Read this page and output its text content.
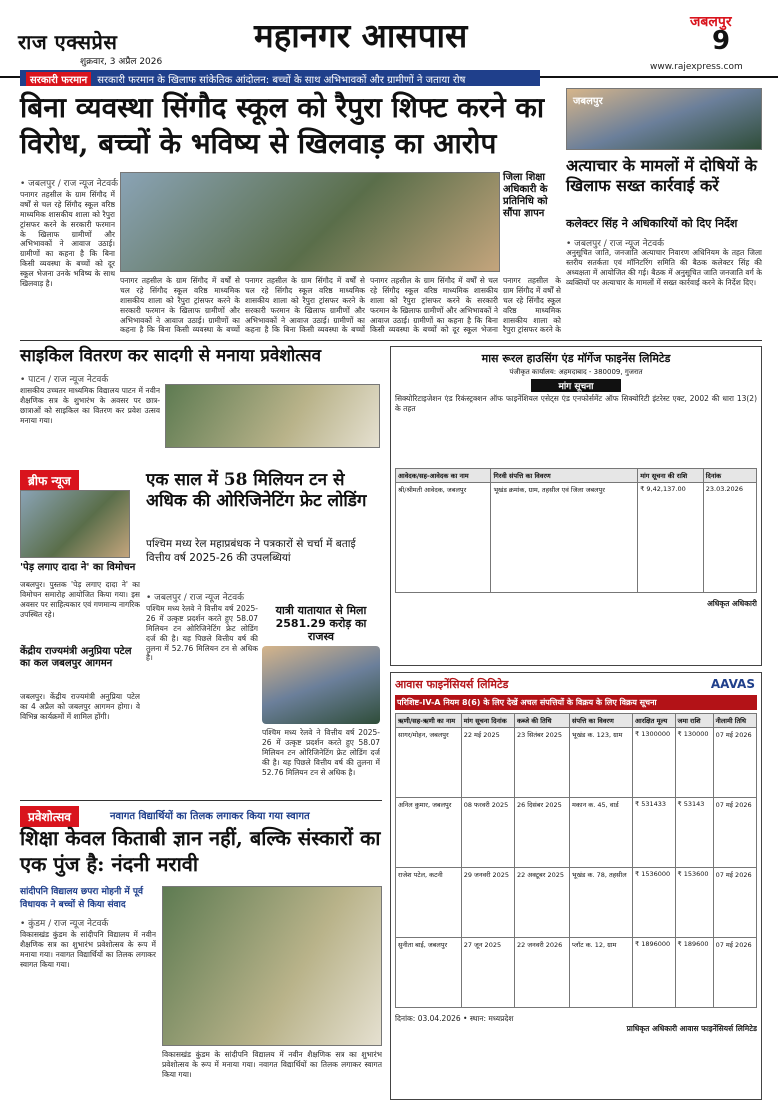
राज एक्सप्रेस
शुक्रवार, 3 अप्रैल 2026
महानगर आसपास	जबलपुर
9
www.rajexpress.com
सरकारी फरमान सरकारी फरमान के खिलाफ सांकेतिक आंदोलन: बच्चों के साथ अभिभावकों और ग्रामीणों ने जताया रोष
बिना व्यवस्था सिंगौद स्कूल को रैपुरा शिफ्ट करने का विरोध, बच्चों के भविष्य से खिलवाड़ का आरोप
• जबलपुर / राज न्यूज नेटवर्क
पनागर तहसील के ग्राम सिंगौद में वर्षों से चल रहे सिंगौद स्कूल वरिष्ठ माध्यमिक शासकीय शाला को रैपुरा ट्रांसफर करने के सरकारी फरमान के खिलाफ ग्रामीणों और अभिभावकों ने आवाज उठाई। ग्रामीणों का कहना है कि बिना किसी व्यवस्था के बच्चों को दूर स्कूल भेजना उनके भविष्य के साथ खिलवाड़ है।
जिला शिक्षा अधिकारी के प्रतिनिधि को सौंपा ज्ञापन
पनागर तहसील के ग्राम सिंगौद में वर्षों से चल रहे सिंगौद स्कूल वरिष्ठ माध्यमिक शासकीय शाला को रैपुरा ट्रांसफर करने के सरकारी फरमान के खिलाफ ग्रामीणों और अभिभावकों ने आवाज उठाई। ग्रामीणों का कहना है कि बिना किसी व्यवस्था के बच्चों
पनागर तहसील के ग्राम सिंगौद में वर्षों से चल रहे सिंगौद स्कूल वरिष्ठ माध्यमिक शासकीय शाला को रैपुरा ट्रांसफर करने के सरकारी फरमान के खिलाफ ग्रामीणों और अभिभावकों ने आवाज उठाई। ग्रामीणों का कहना है कि बिना किसी व्यवस्था के बच्चों
पनागर तहसील के ग्राम सिंगौद में वर्षों से चल रहे सिंगौद स्कूल वरिष्ठ माध्यमिक शासकीय शाला को रैपुरा ट्रांसफर करने के सरकारी फरमान के खिलाफ ग्रामीणों और अभिभावकों ने आवाज उठाई। ग्रामीणों का कहना है कि बिना किसी व्यवस्था के बच्चों को दूर स्कूल भेजना
पनागर तहसील के ग्राम सिंगौद में वर्षों से चल रहे सिंगौद स्कूल वरिष्ठ माध्यमिक शासकीय शाला को रैपुरा ट्रांसफर करने के
जबलपुर
अत्याचार के मामलों में दोषियों के खिलाफ सख्त कार्रवाई करें
कलेक्टर सिंह ने अधिकारियों को दिए निर्देश
• जबलपुर / राज न्यूज नेटवर्क
अनुसूचित जाति, जनजाति अत्याचार निवारण अधिनियम के तहत जिला स्तरीय सतर्कता एवं मॉनिटरिंग समिति की बैठक कलेक्टर सिंह की अध्यक्षता में आयोजित की गई। बैठक में अनुसूचित जाति जनजाति वर्ग के व्यक्तियों पर अत्याचार के मामलों में सख्त कार्रवाई करने के निर्देश दिए।
साइकिल वितरण कर सादगी से मनाया प्रवेशोत्सव
• पाटन / राज न्यूज नेटवर्क
शासकीय उच्चतर माध्यमिक विद्यालय पाटन में नवीन शैक्षणिक सत्र के शुभारंभ के अवसर पर छात्र-छात्राओं को साइकिल का वितरण कर प्रवेश उत्सव मनाया गया।
ब्रीफ न्यूज
'पेड़ लगाए दादा ने' का विमोचन
जबलपुर। पुस्तक 'पेड़ लगाए दादा ने' का विमोचन समारोह आयोजित किया गया। इस अवसर पर साहित्यकार एवं गणमान्य नागरिक उपस्थित रहे।
केंद्रीय राज्यमंत्री अनुप्रिया पटेल का कल जबलपुर आगमन
जबलपुर। केंद्रीय राज्यमंत्री अनुप्रिया पटेल का 4 अप्रैल को जबलपुर आगमन होगा। वे विभिन्न कार्यक्रमों में शामिल होंगी।
एक साल में 58 मिलियन टन से अधिक की ओरिजिनेटिंग फ्रेट लोडिंग
पश्चिम मध्य रेल महाप्रबंधक ने पत्रकारों से चर्चा में बताई वित्तीय वर्ष 2025-26 की उपलब्धियां
• जबलपुर / राज न्यूज नेटवर्क
पश्चिम मध्य रेलवे ने वित्तीय वर्ष 2025-26 में उत्कृष्ट प्रदर्शन करते हुए 58.07 मिलियन टन ओरिजिनेटिंग फ्रेट लोडिंग दर्ज की है। यह पिछले वित्तीय वर्ष की तुलना में 52.76 मिलियन टन से अधिक है।
यात्री यातायात से मिला 2581.29 करोड़ का राजस्व
पश्चिम मध्य रेलवे ने वित्तीय वर्ष 2025-26 में उत्कृष्ट प्रदर्शन करते हुए 58.07 मिलियन टन ओरिजिनेटिंग फ्रेट लोडिंग दर्ज की है। यह पिछले वित्तीय वर्ष की तुलना में 52.76 मिलियन टन से अधिक है।
प्रवेशोत्सव	नवागत विद्यार्थियों का तिलक लगाकर किया गया स्वागत
शिक्षा केवल किताबी ज्ञान नहीं, बल्कि संस्कारों का एक पुंज है: नंदनी मरावी
सांदीपनि विद्यालय छपरा मोहनी में पूर्व विधायक ने बच्चों से किया संवाद
• कुंडम / राज न्यूज नेटवर्क
विकासखंड कुंडम के सांदीपनि विद्यालय में नवीन शैक्षणिक सत्र का शुभारंभ प्रवेशोत्सव के रूप में मनाया गया। नवागत विद्यार्थियों का तिलक लगाकर स्वागत किया गया।
विकासखंड कुंडम के सांदीपनि विद्यालय में नवीन शैक्षणिक सत्र का शुभारंभ प्रवेशोत्सव के रूप में मनाया गया। नवागत विद्यार्थियों का तिलक लगाकर स्वागत किया गया।
मास रूरल हाउसिंग एंड मॉर्गेज फाइनेंस लिमिटेड
पंजीकृत कार्यालय: अहमदाबाद - 380009, गुजरात
मांग सूचना
सिक्योरिटाइजेशन एंड रिकंस्ट्रक्शन ऑफ फाइनेंशियल एसेट्स एंड एनफोर्समेंट ऑफ सिक्योरिटी इंटरेस्ट एक्ट, 2002 की धारा 13(2) के तहत
आवेदक/सह-आवेदक का नाम	गिरवी संपत्ति का विवरण	मांग सूचना की राशि	दिनांक
श्री/श्रीमती आवेदक, जबलपुर	भूखंड क्रमांक, ग्राम, तहसील एवं जिला जबलपुर	₹ 9,42,137.00	23.03.2026
अधिकृत अधिकारी
आवास फाइनेंसियर्स लिमिटेड	AAVAS
परिशिष्ट-IV-A नियम 8(6) के लिए देखें अचल संपत्तियों के विक्रय के लिए विक्रय सूचना
ऋणी/सह-ऋणी का नाम	मांग सूचना दिनांक	कब्जे की तिथि	संपत्ति का विवरण	आरक्षित मूल्य	जमा राशि	नीलामी तिथि
सागर/मोहन, जबलपुर	22 मई 2025	23 सितंबर 2025	भूखंड क. 123, ग्राम	₹ 1300000	₹ 130000	07 मई 2026
अनिल कुमार, जबलपुर	08 फरवरी 2025	26 दिसंबर 2025	मकान क. 45, वार्ड	₹ 531433	₹ 53143	07 मई 2026
राजेश पटेल, कटनी	29 जनवरी 2025	22 अक्टूबर 2025	भूखंड क. 78, तहसील	₹ 1536000	₹ 153600	07 मई 2026
सुनीता बाई, जबलपुर	27 जून 2025	22 जनवरी 2026	प्लॉट क. 12, ग्राम	₹ 1896000	₹ 189600	07 मई 2026
दिनांक: 03.04.2026 • स्थान: मध्यप्रदेश
प्राधिकृत अधिकारी आवास फाइनेंसियर्स लिमिटेड
